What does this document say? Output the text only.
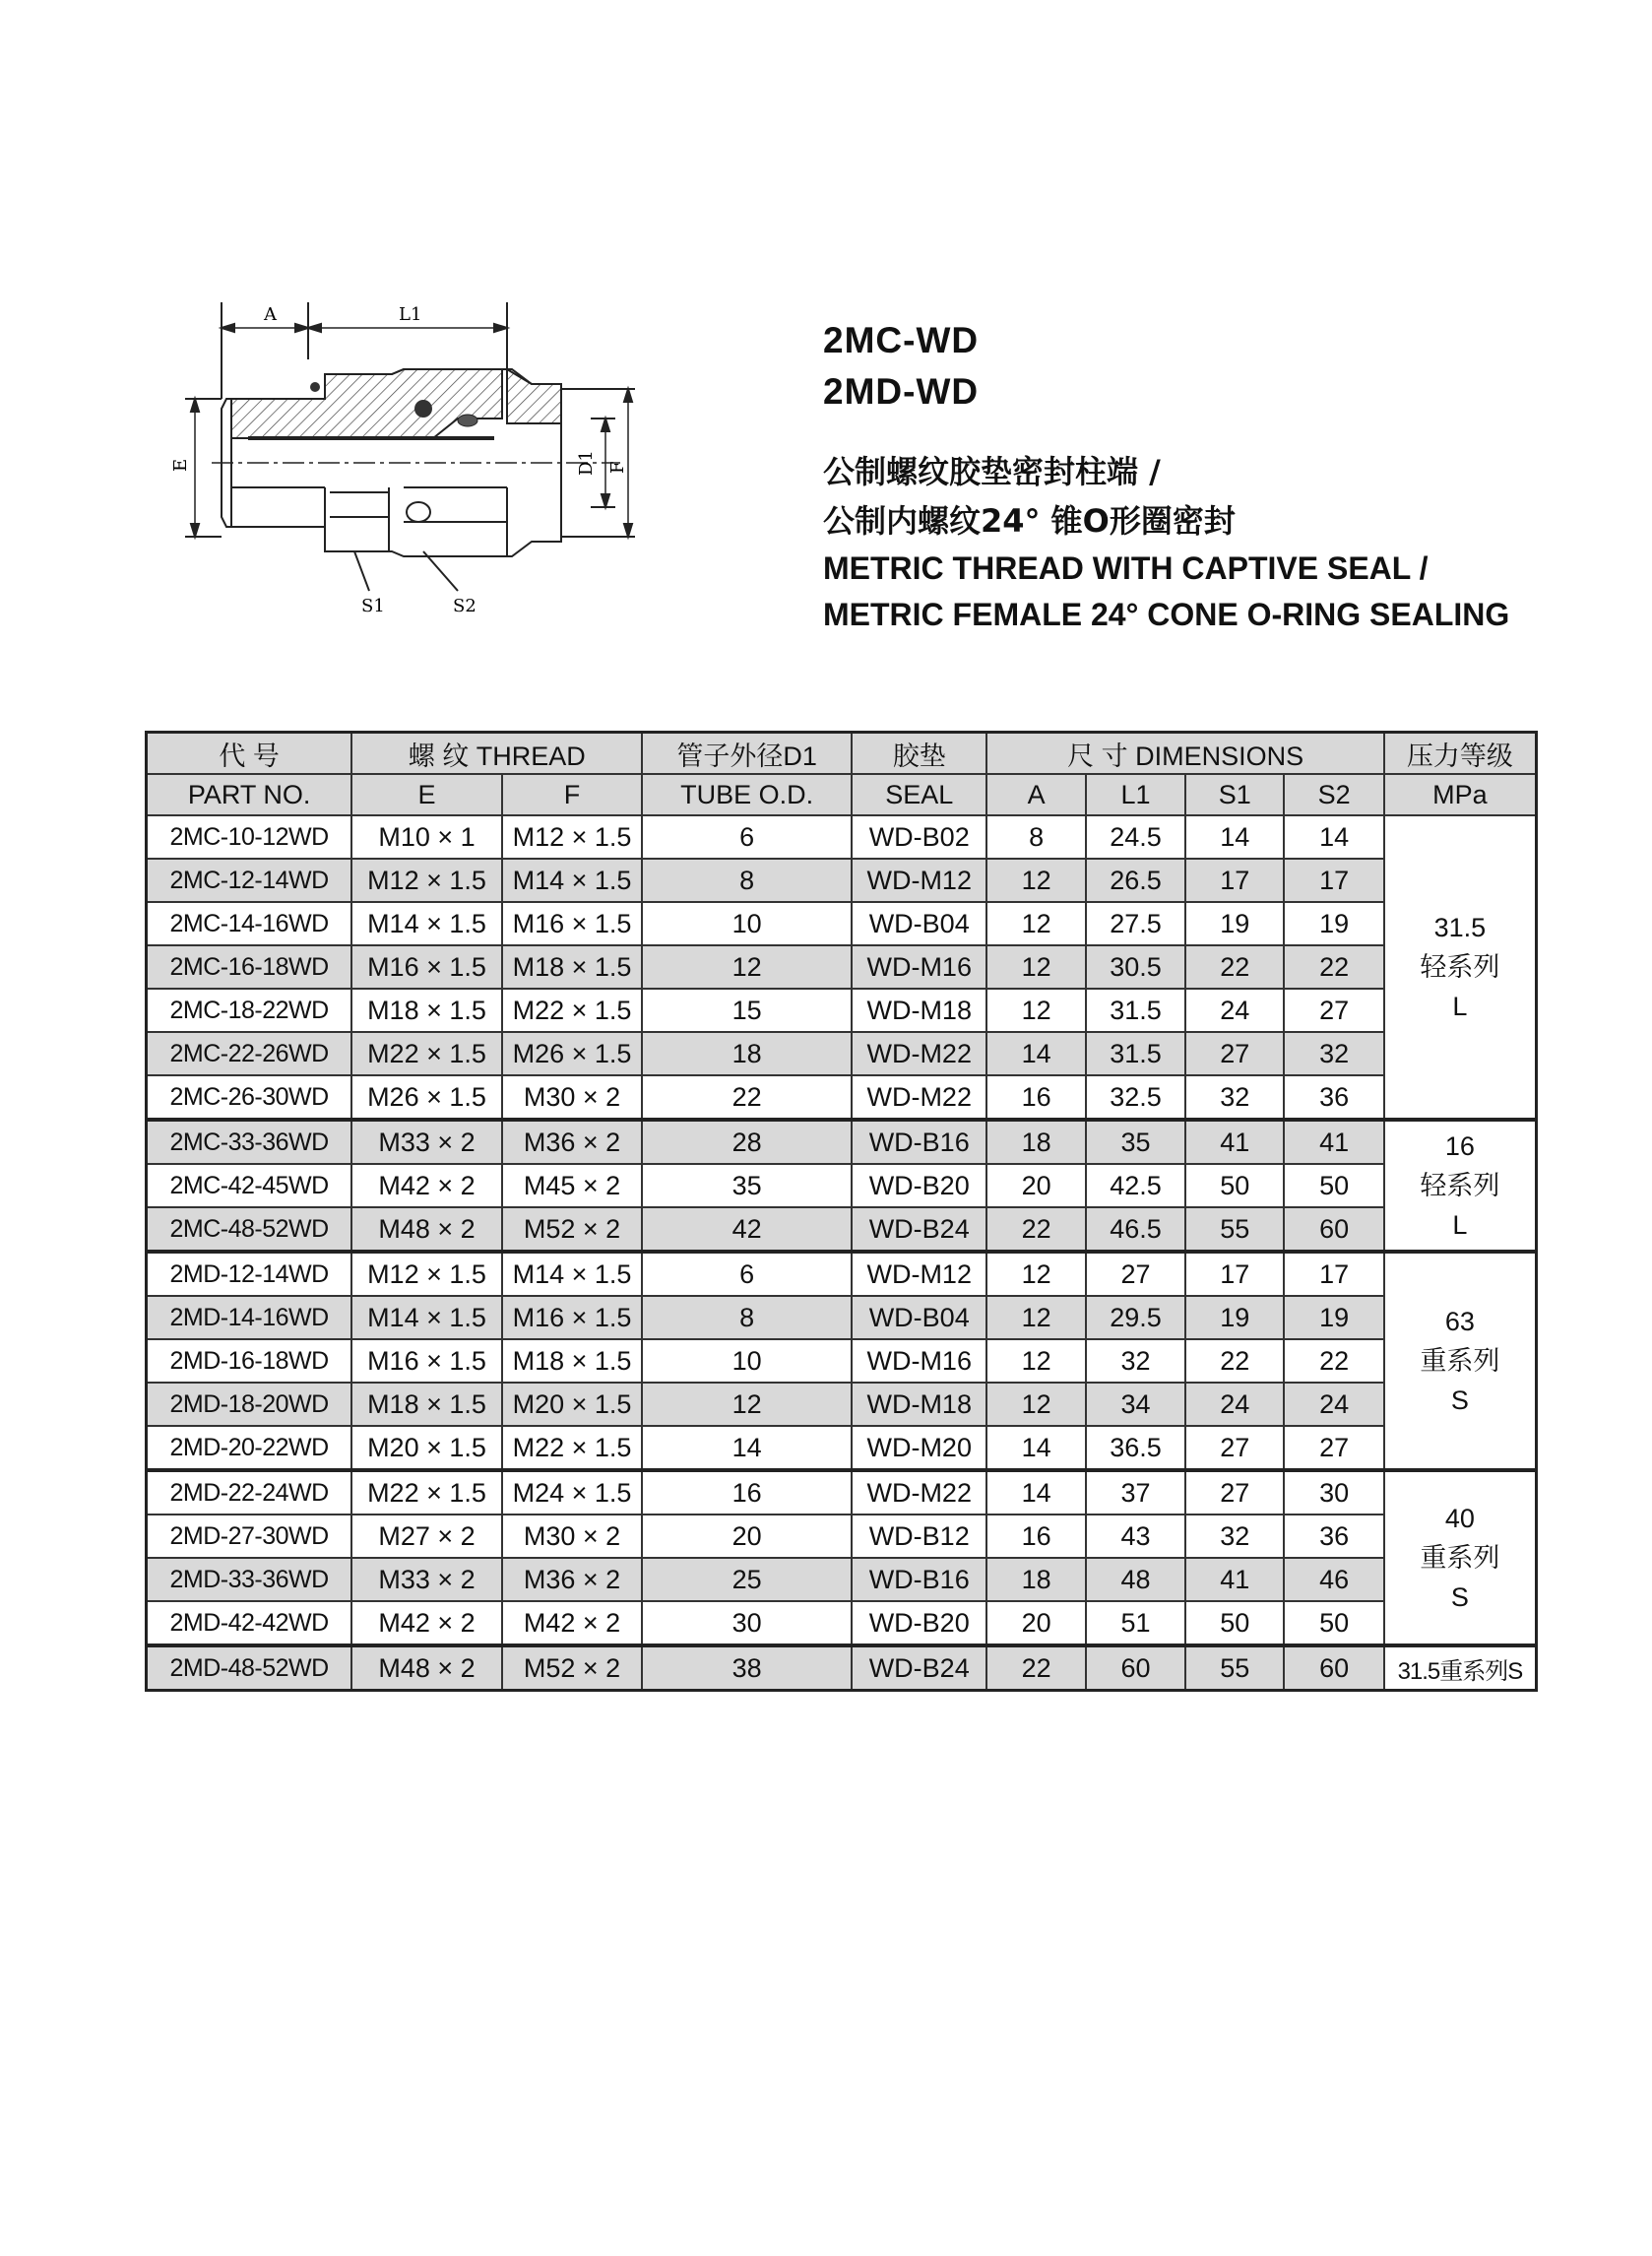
A	L1
E	D1 F
S1	S2
2MC-WD
2MD-WD
公制螺纹胶垫密封柱端 /
公制内螺纹24° 锥O形圈密封
METRIC THREAD WITH CAPTIVE SEAL /
METRIC FEMALE 24° CONE O-RING SEALING
代 号	螺 纹 THREAD		管子外径D1	胶垫	尺 寸 DIMENSIONS				压力等级
PART NO.	E	F	TUBE O.D.	SEAL	A	L1	S1	S2	MPa
2MC-10-12WD	M10 × 1	M12 × 1.5	6	WD-B02	8	24.5	14	14	31.5
轻系列
L

2MC-12-14WD	M12 × 1.5	M14 × 1.5	8	WD-M12	12	26.5	17	17	
2MC-14-16WD	M14 × 1.5	M16 × 1.5	10	WD-B04	12	27.5	19	19	
2MC-16-18WD	M16 × 1.5	M18 × 1.5	12	WD-M16	12	30.5	22	22	
2MC-18-22WD	M18 × 1.5	M22 × 1.5	15	WD-M18	12	31.5	24	27	
2MC-22-26WD	M22 × 1.5	M26 × 1.5	18	WD-M22	14	31.5	27	32	
2MC-26-30WD	M26 × 1.5	M30 × 2	22	WD-M22	16	32.5	32	36	
2MC-33-36WD	M33 × 2	M36 × 2	28	WD-B16	18	35	41	41	16
轻系列
L

2MC-42-45WD	M42 × 2	M45 × 2	35	WD-B20	20	42.5	50	50	
2MC-48-52WD	M48 × 2	M52 × 2	42	WD-B24	22	46.5	55	60	
2MD-12-14WD	M12 × 1.5	M14 × 1.5	6	WD-M12	12	27	17	17	63
重系列
S

2MD-14-16WD	M14 × 1.5	M16 × 1.5	8	WD-B04	12	29.5	19	19	
2MD-16-18WD	M16 × 1.5	M18 × 1.5	10	WD-M16	12	32	22	22	
2MD-18-20WD	M18 × 1.5	M20 × 1.5	12	WD-M18	12	34	24	24	
2MD-20-22WD	M20 × 1.5	M22 × 1.5	14	WD-M20	14	36.5	27	27	
2MD-22-24WD	M22 × 1.5	M24 × 1.5	16	WD-M22	14	37	27	30	40
重系列
S

2MD-27-30WD	M27 × 2	M30 × 2	20	WD-B12	16	43	32	36	
2MD-33-36WD	M33 × 2	M36 × 2	25	WD-B16	18	48	41	46	
2MD-42-42WD	M42 × 2	M42 × 2	30	WD-B20	20	51	50	50	
2MD-48-52WD	M48 × 2	M52 × 2	38	WD-B24	22	60	55	60	31.5重系列S
